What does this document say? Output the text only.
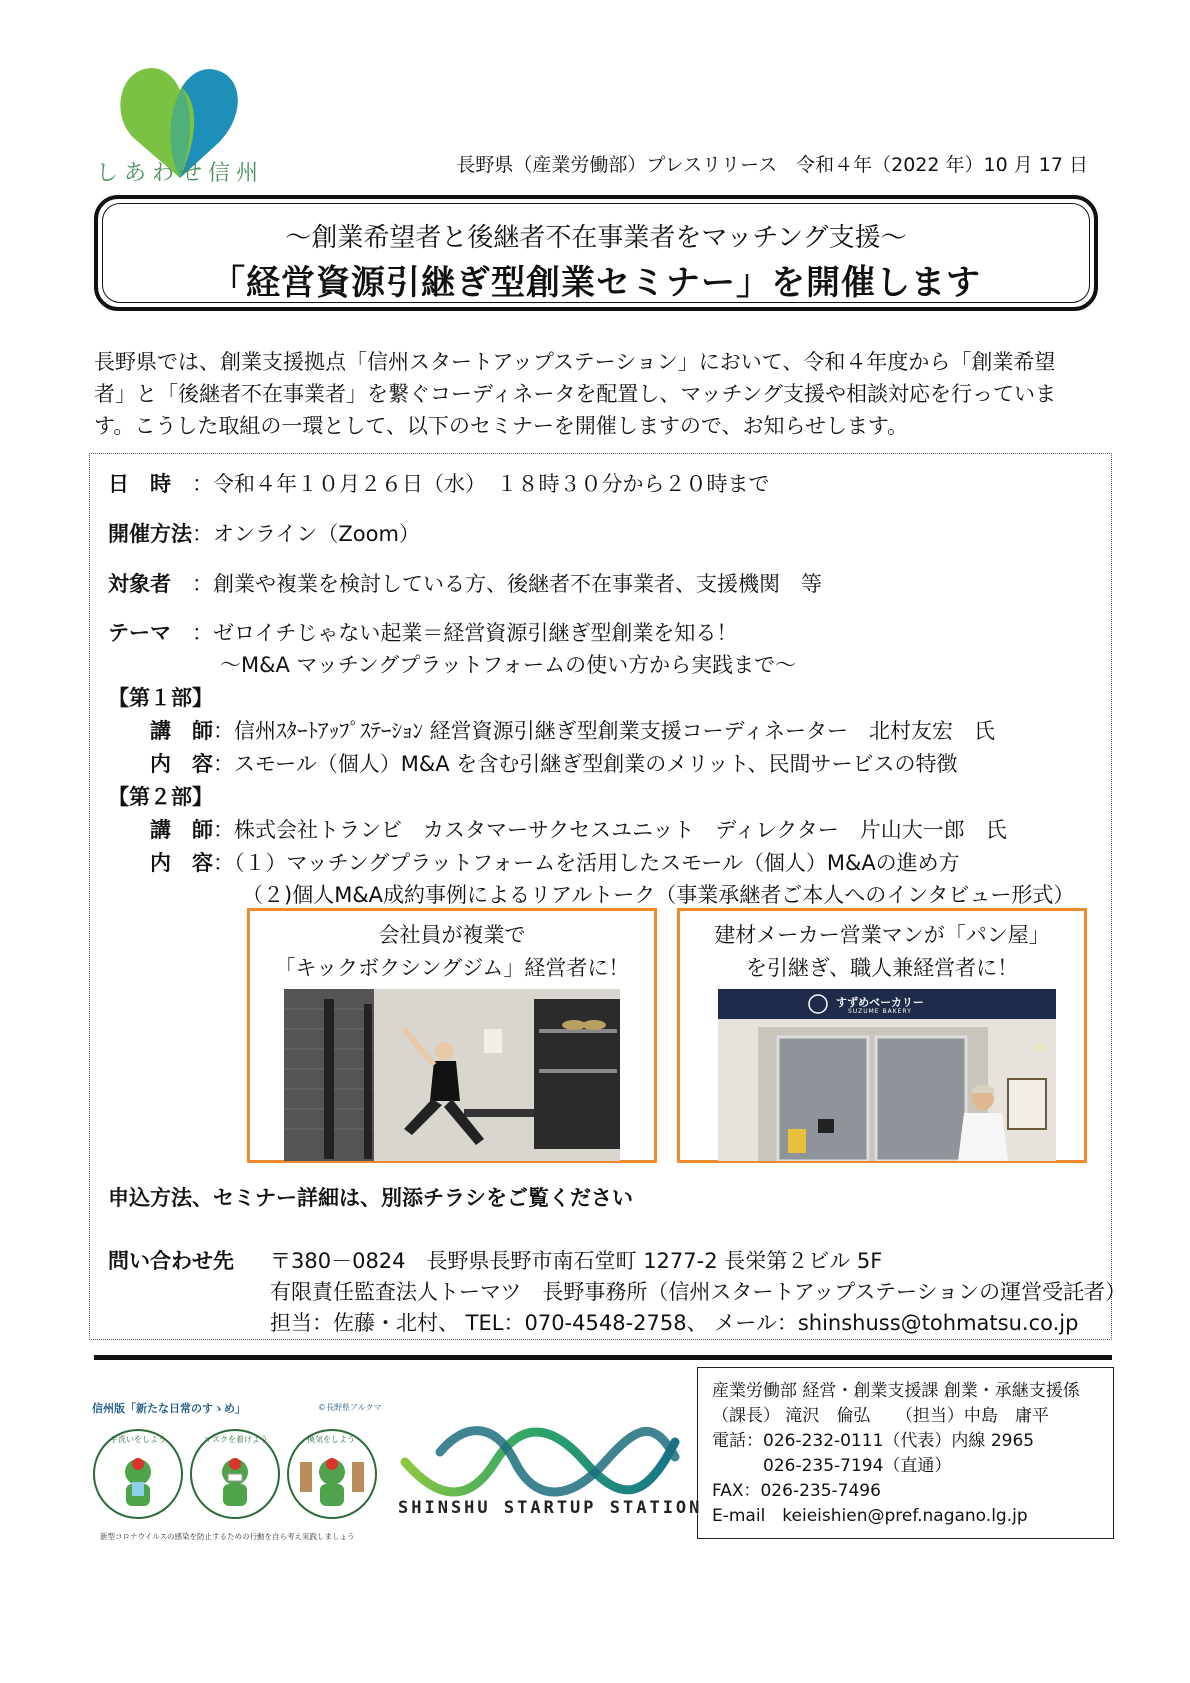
しあわせ信州	長野県（産業労働部）プレスリリース　令和４年（2022 年）10 月 17 日
～創業希望者と後継者不在事業者をマッチング支援～
「経営資源引継ぎ型創業セミナー」を開催します
長野県では、創業支援拠点「信州スタートアップステーション」において、令和４年度から「創業希望
者」と「後継者不在事業者」を繋ぐコーディネータを配置し、マッチング支援や相談対応を行っていま
す。こうした取組の一環として、以下のセミナーを開催しますので、お知らせします。
日　時　：令和４年１０月２６日（水）　１８時３０分から２０時まで
開催方法：オンライン（Zoom）
対象者　：創業や複業を検討している方、後継者不在事業者、支援機関　等
テーマ　：ゼロイチじゃない起業＝経営資源引継ぎ型創業を知る！
～M&A マッチングプラットフォームの使い方から実践まで～
【第１部】
講　師：信州ｽﾀｰﾄｱｯﾌﾟｽﾃｰｼｮﾝ 経営資源引継ぎ型創業支援コーディネーター　北村友宏　氏
内　容：スモール（個人）M&A を含む引継ぎ型創業のメリット、民間サービスの特徴
【第２部】
講　師：株式会社トランビ　カスタマーサクセスユニット　ディレクター　片山大一郎　氏
内　容：（１）マッチングプラットフォームを活用したスモール（個人）M&Aの進め方
（２)個人M&A成約事例によるリアルトーク（事業承継者ご本人へのインタビュー形式）
会社員が複業で
「キックボクシングジム」経営者に！
建材メーカー営業マンが「パン屋」
を引継ぎ、職人兼経営者に！
すずめベーカリー
SUZUME BAKERY
申込方法、セミナー詳細は、別添チラシをご覧ください
問い合わせ先 〒380－0824　長野県長野市南石堂町 1277-2 長栄第２ビル 5F
有限責任監査法人トーマツ　長野事務所（信州スタートアップステーションの運営受託者）
担当：佐藤・北村、 TEL：070-4548-2758、 メール：shinshuss@tohmatsu.co.jp
信州版「新たな日常のすゝめ」	©長野県アルクマ
手洗いをしよう	マスクを着けよう	換気をしよう
新型コロナウイルスの感染を防止するための行動を自ら考え実践しましょう
SHINSHU STARTUP STATION
産業労働部 経営・創業支援課 創業・承継支援係
（課長） 滝沢　倫弘　　（担当）中島　庸平
電話：026-232-0111（代表）内線 2965
　　　026-235-7194（直通）
FAX：026-235-7496
E-mail　keieishien@pref.nagano.lg.jp
